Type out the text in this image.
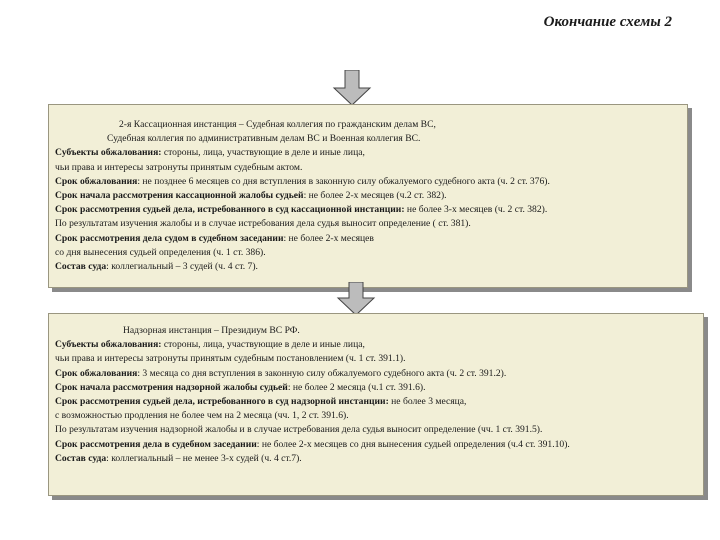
Окончание схемы 2
2-я Кассационная инстанция – Судебная коллегия по гражданским делам ВС,
Судебная коллегия по административным делам ВС и Военная коллегия ВС.
Субъекты обжалования: стороны, лица, участвующие в деле и иные лица,
чьи права и интересы затронуты принятым судебным актом.
Срок обжалования: не позднее 6 месяцев со дня вступления в законную силу обжалуемого судебного акта (ч. 2 ст. 376).
Срок начала рассмотрения кассационной жалобы судьей: не более 2-х месяцев (ч.2 ст. 382).
Срок рассмотрения судьей дела, истребованного в суд кассационной инстанции: не более 3-х месяцев (ч. 2 ст. 382).
По результатам изучения жалобы и в случае истребования дела судья выносит определение ( ст. 381).
Срок рассмотрения дела судом в судебном заседании: не более 2-х месяцев
со дня вынесения судьей определения (ч. 1 ст. 386).
Состав суда: коллегиальный – 3 судей (ч. 4 ст. 7).
Надзорная инстанция – Президиум ВС РФ.
Субъекты обжалования: стороны, лица, участвующие в деле и иные лица,
чьи права и интересы затронуты принятым судебным постановлением (ч. 1 ст. 391.1).
Срок обжалования: 3 месяца со дня вступления в законную силу обжалуемого судебного акта (ч. 2 ст. 391.2).
Срок начала рассмотрения надзорной жалобы судьей: не более 2 месяца (ч.1 ст. 391.6).
Срок рассмотрения судьей дела, истребованного в суд надзорной инстанции: не более 3 месяца,
с возможностью продления не более чем на 2 месяца (чч. 1, 2 ст. 391.6).
По результатам изучения надзорной жалобы и в случае истребования дела судья выносит определение (чч. 1 ст. 391.5).
Срок рассмотрения дела в судебном заседании: не более 2-х месяцев со дня вынесения судьей определения (ч.4 ст. 391.10).
Состав суда: коллегиальный – не менее 3-х судей (ч. 4 ст.7).
